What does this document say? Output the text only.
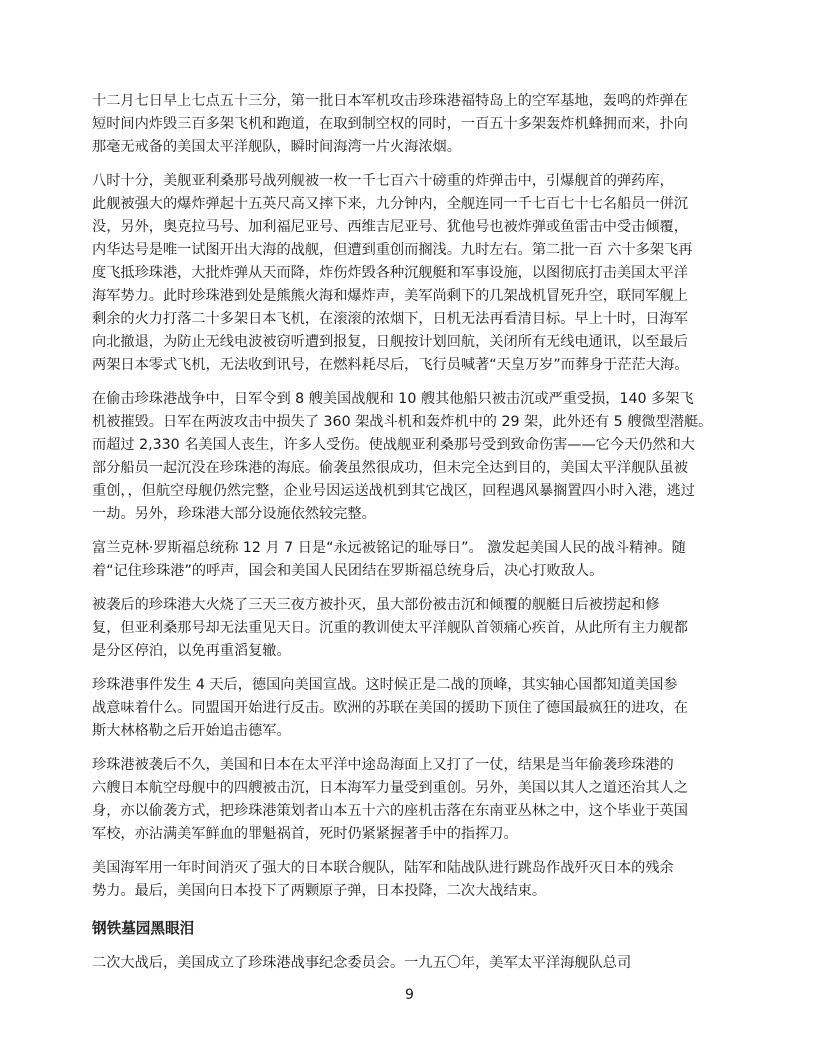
十二月七日早上七点五十三分，第一批日本军机攻击珍珠港福特岛上的空军基地，轰鸣的炸弹在
短时间内炸毁三百多架飞机和跑道，在取到制空权的同时，一百五十多架轰炸机蜂拥而来，扑向
那毫无戒备的美国太平洋舰队，瞬时间海湾一片火海浓烟。
八时十分，美舰亚利桑那号战列舰被一枚一千七百六十磅重的炸弹击中，引爆舰首的弹药库，
此舰被强大的爆炸弹起十五英尺高又摔下来，九分钟内，全舰连同一千七百七十七名船员一併沉
没，另外，奥克拉马号、加利福尼亚号、西维吉尼亚号、犹他号也被炸弹或鱼雷击中受击倾覆，
内华达号是唯一试图开出大海的战舰，但遭到重创而搁浅。九时左右。第二批一百 六十多架飞再
度飞抵珍珠港，大批炸弹从天而降，炸伤炸毁各种沉舰艇和军事设施，以图彻底打击美国太平洋
海军势力。此时珍珠港到处是熊熊火海和爆炸声，美军尚剩下的几架战机冒死升空，联同军舰上
剩余的火力打落二十多架日本飞机，在滚滚的浓烟下，日机无法再看清目标。早上十时，日海军
向北撤退，为防止无线电波被窃听遭到报复，日舰按计划回航，关闭所有无线电通讯，以至最后
两架日本零式飞机，无法收到讯号，在燃料耗尽后，飞行员喊著“天皇万岁”而葬身于茫茫大海。
在偷击珍珠港战争中，日军令到 8 艘美国战舰和 10 艘其他船只被击沉或严重受损，140 多架飞
机被摧毁。日军在两波攻击中损失了 360 架战斗机和轰炸机中的 29 架，此外还有 5 艘微型潜艇。
而超过 2,330 名美国人丧生，许多人受伤。使战舰亚利桑那号受到致命伤害——它今天仍然和大
部分船员一起沉没在珍珠港的海底。偷袭虽然很成功，但未完全达到目的，美国太平洋舰队虽被
重创，，但航空母舰仍然完整，企业号因运送战机到其它战区，回程遇风暴搁置四小时入港，逃过
一劫。另外，珍珠港大部分设施依然较完整。
富兰克林·罗斯福总统称 12 月 7 日是“永远被铭记的耻辱日”。 激发起美国人民的战斗精神。随
着“记住珍珠港”的呼声，国会和美国人民团结在罗斯福总统身后，决心打败敌人。
被袭后的珍珠港大火烧了三天三夜方被扑灭，虽大部份被击沉和倾覆的舰艇日后被捞起和修
复，但亚利桑那号却无法重见天日。沉重的教训使太平洋舰队首领痛心疾首，从此所有主力舰都
是分区停泊，以免再重滔复辙。
珍珠港事件发生 4 天后，德国向美国宣战。这时候正是二战的顶峰，其实轴心国都知道美国参
战意味着什么。同盟国开始进行反击。欧洲的苏联在美国的援助下顶住了德国最疯狂的进攻，在
斯大林格勒之后开始追击德军。
珍珠港被袭后不久，美国和日本在太平洋中途岛海面上又打了一仗，结果是当年偷袭珍珠港的
六艘日本航空母舰中的四艘被击沉，日本海军力量受到重创。另外，美国以其人之道还治其人之
身，亦以偷袭方式，把珍珠港策划者山本五十六的座机击落在东南亚丛林之中，这个毕业于英国
军校，亦沾满美军鲜血的罪魁祸首，死时仍紧紧握著手中的指挥刀。
美国海军用一年时间消灭了强大的日本联合舰队，陆军和陆战队进行跳岛作战歼灭日本的残余
势力。最后，美国向日本投下了两颗原子弹，日本投降，二次大战结束。
钢铁墓园黑眼泪
二次大战后，美国成立了珍珠港战事纪念委员会。一九五〇年，美军太平洋海舰队总司
9
